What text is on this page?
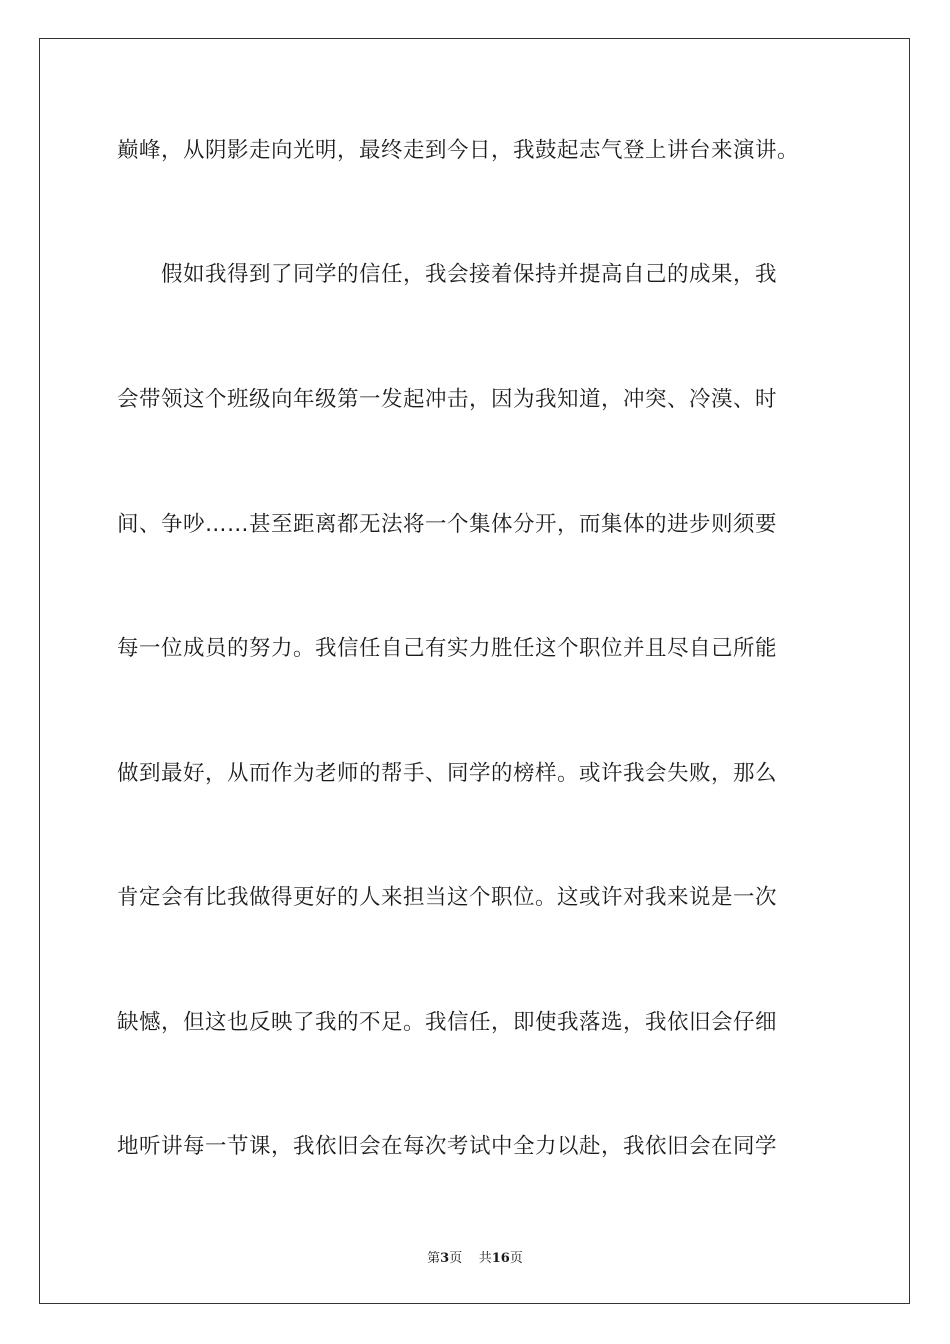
巅峰，从阴影走向光明，最终走到今日，我鼓起志气登上讲台来演讲。
　　假如我得到了同学的信任，我会接着保持并提高自己的成果，我
会带领这个班级向年级第一发起冲击，因为我知道，冲突、冷漠、时
间、争吵……甚至距离都无法将一个集体分开，而集体的进步则须要
每一位成员的努力。我信任自己有实力胜任这个职位并且尽自己所能
做到最好，从而作为老师的帮手、同学的榜样。或许我会失败，那么
肯定会有比我做得更好的人来担当这个职位。这或许对我来说是一次
缺憾，但这也反映了我的不足。我信任，即使我落选，我依旧会仔细
地听讲每一节课，我依旧会在每次考试中全力以赴，我依旧会在同学
第3页 共16页
